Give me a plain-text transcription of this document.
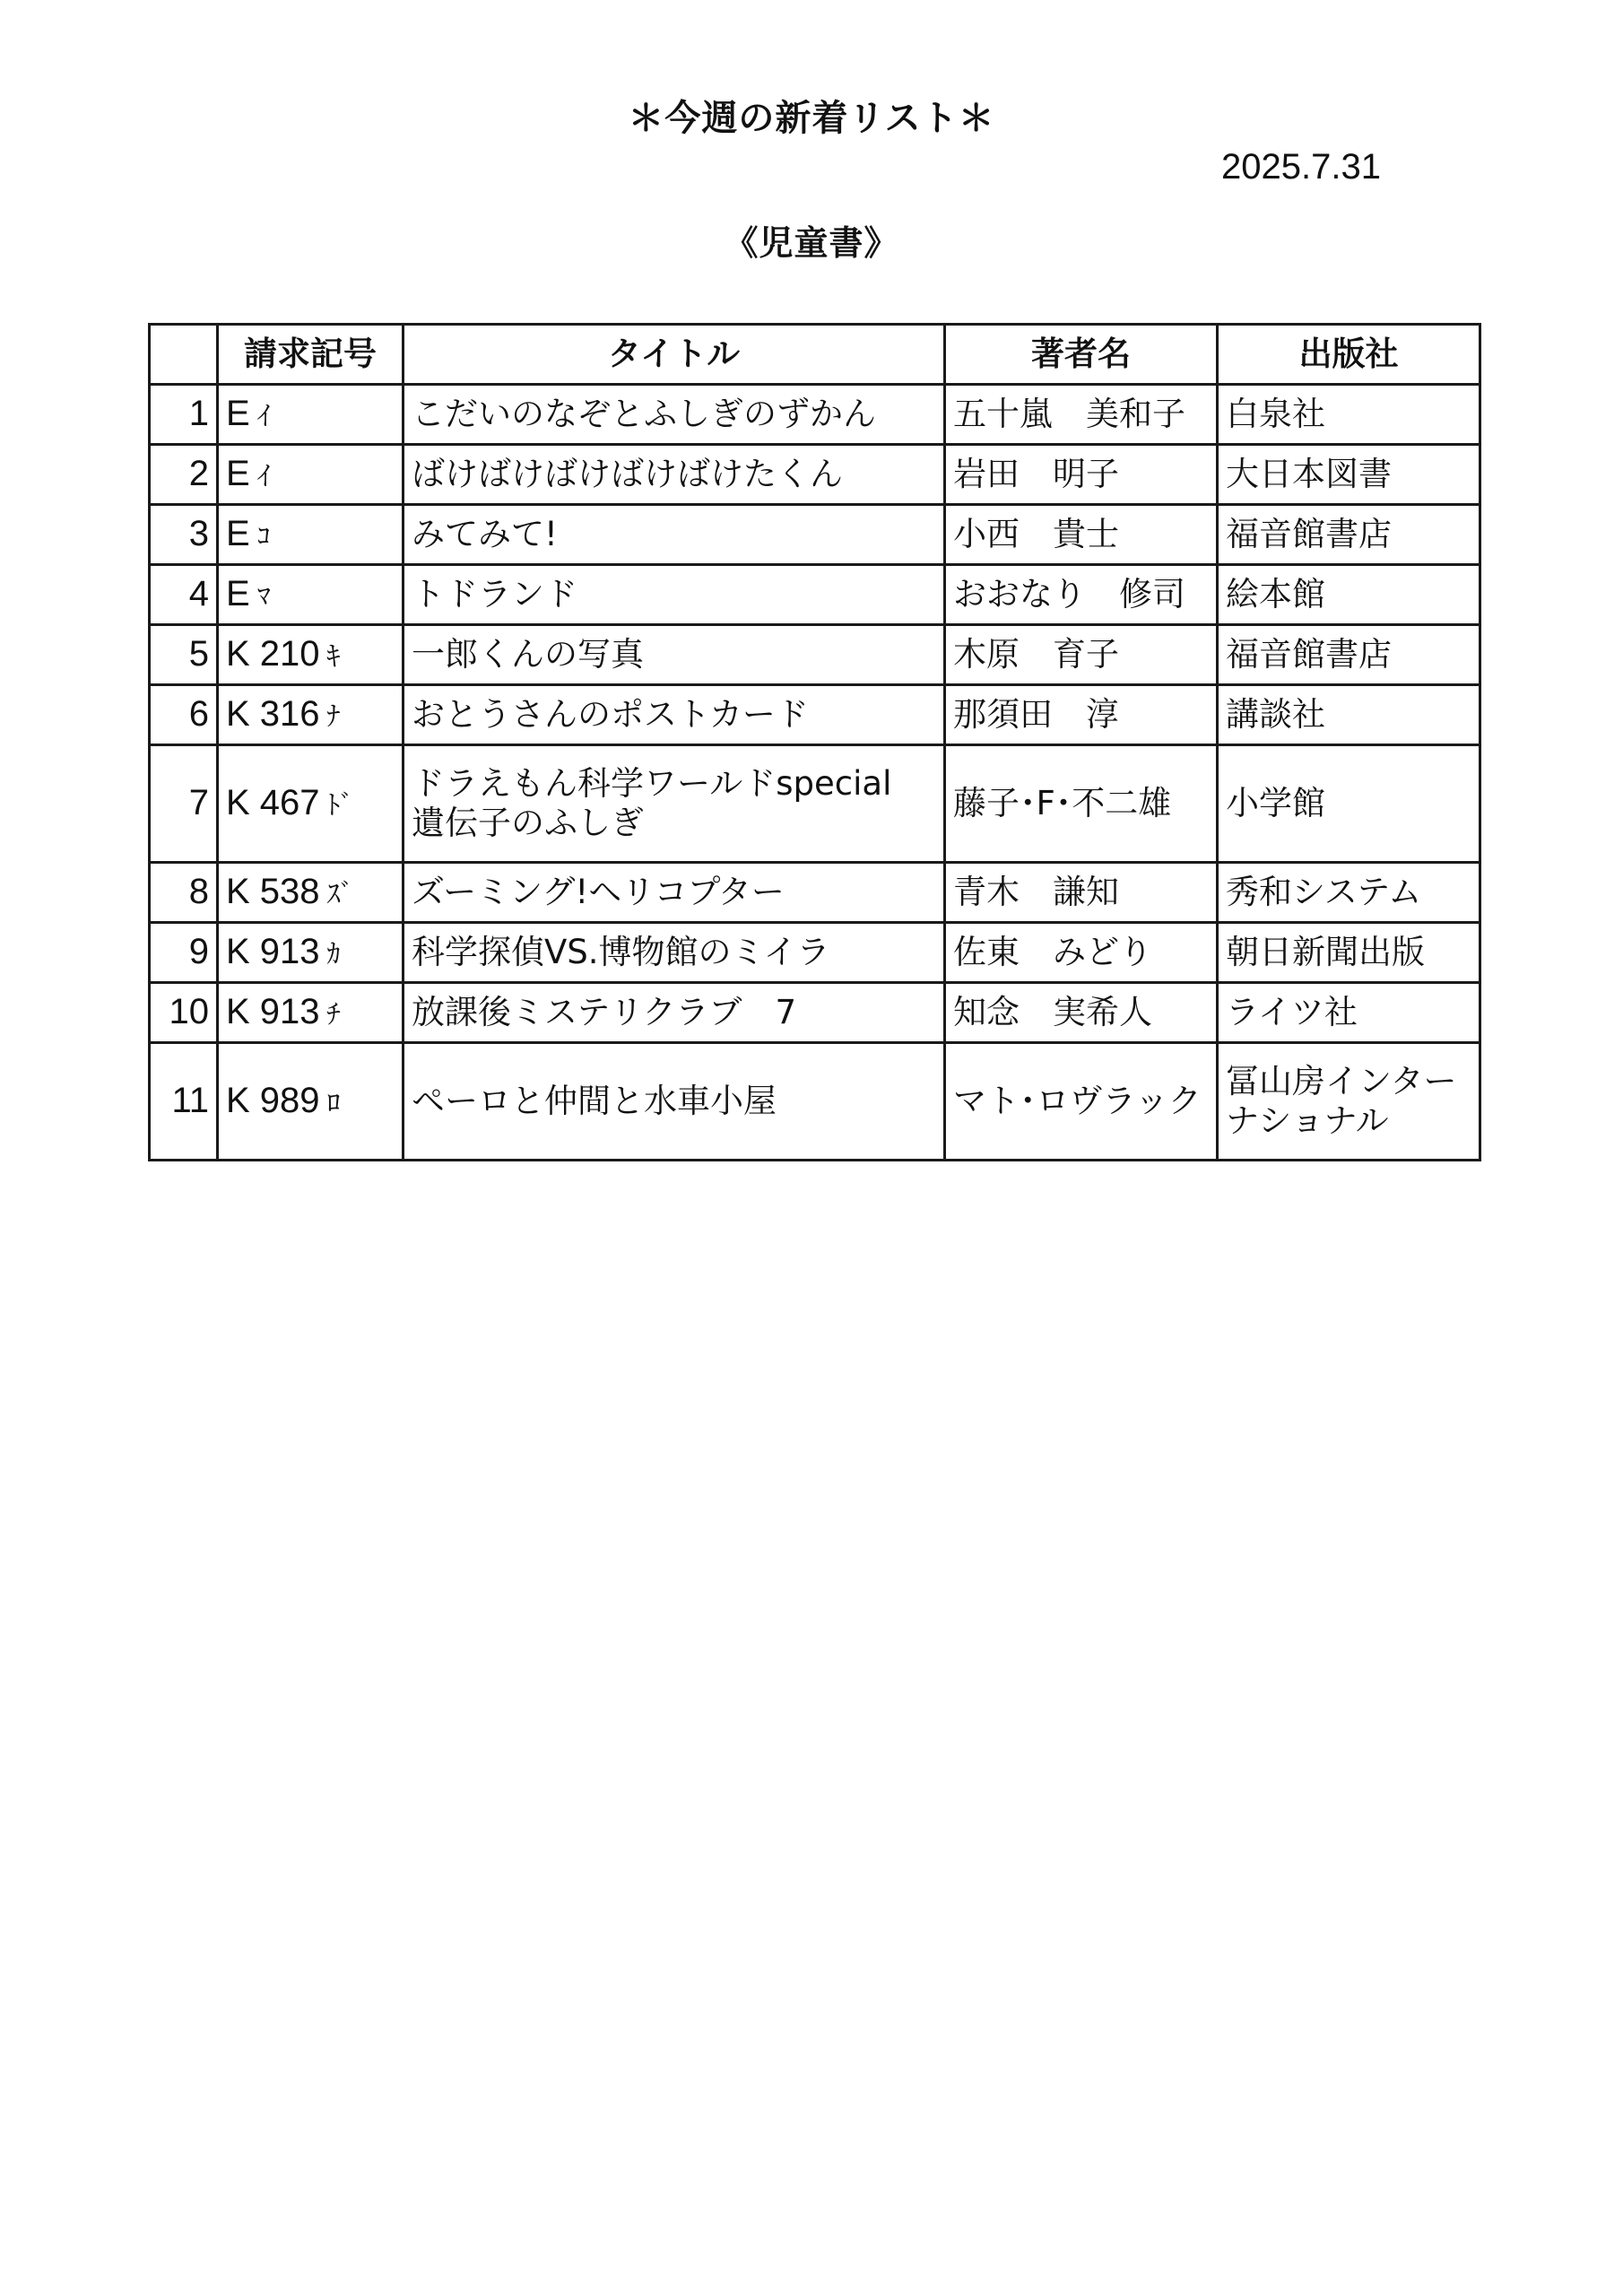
＊今週の新着リスト＊
2025.7.31
《児童書》
	請求記号	タイトル	著者名	出版社
1	E ｲ	こだいのなぞとふしぎのずかん	五十嵐　美和子	白泉社

2	E ｲ	ばけばけばけばけばけたくん	岩田　明子	大日本図書

3	E ｺ	みてみて!	小西　貴士	福音館書店

4	E ﾏ	トドランド	おおなり　修司	絵本館

5	K 210 ｷ	一郎くんの写真	木原　育子	福音館書店

6	K 316 ﾅ	おとうさんのポストカード	那須田　淳	講談社

7	K 467 ﾄﾞ	ドラえもん科学ワールドspecial
遺伝子のふしぎ	藤子･F･不二雄	小学館

8	K 538 ｽﾞ	ズーミング!ヘリコプター	青木　謙知	秀和システム

9	K 913 ｶ	科学探偵VS.博物館のミイラ	佐東　みどり	朝日新聞出版

10	K 913 ﾁ	放課後ミステリクラブ　7	知念　実希人	ライツ社

11	K 989 ﾛ	ペーロと仲間と水車小屋	マト･ロヴラック	冨山房インター
ナショナル
